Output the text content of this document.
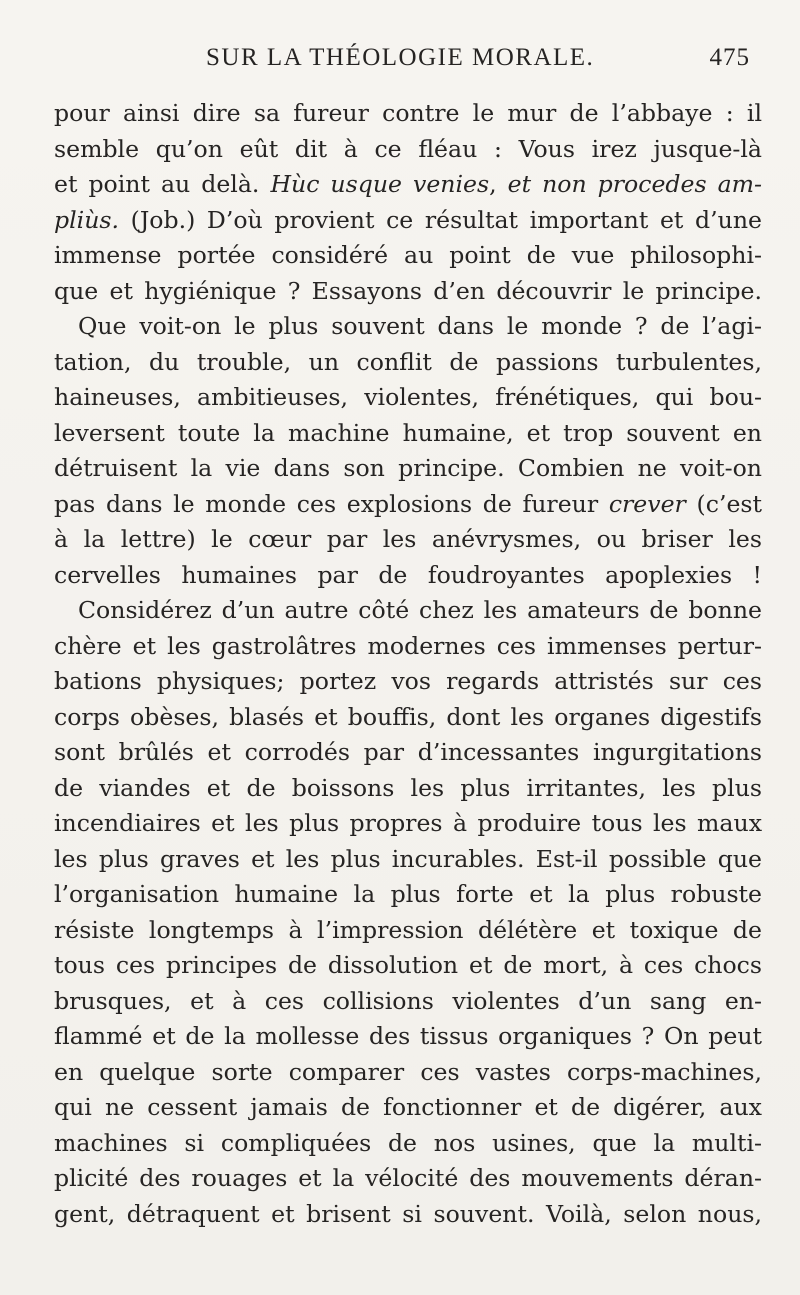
SUR LA THÉOLOGIE MORALE.	475
pour ainsi dire sa fureur contre le mur de l’abbaye : il
semble qu’on eût dit à ce fléau : Vous irez jusque-là
et point au delà. Hùc usque venies, et non procedes am-
pliùs. (Job.) D’où provient ce résultat important et d’une
immense portée considéré au point de vue philosophi-
que et hygiénique ? Essayons d’en découvrir le principe.
Que voit-on le plus souvent dans le monde ? de l’agi-
tation, du trouble, un conflit de passions turbulentes,
haineuses, ambitieuses, violentes, frénétiques, qui bou-
leversent toute la machine humaine, et trop souvent en
détruisent la vie dans son principe. Combien ne voit-on
pas dans le monde ces explosions de fureur crever (c’est
à la lettre) le cœur par les anévrysmes, ou briser les
cervelles humaines par de foudroyantes apoplexies !
Considérez d’un autre côté chez les amateurs de bonne
chère et les gastrolâtres modernes ces immenses pertur-
bations physiques; portez vos regards attristés sur ces
corps obèses, blasés et bouffis, dont les organes digestifs
sont brûlés et corrodés par d’incessantes ingurgitations
de viandes et de boissons les plus irritantes, les plus
incendiaires et les plus propres à produire tous les maux
les plus graves et les plus incurables. Est-il possible que
l’organisation humaine la plus forte et la plus robuste
résiste longtemps à l’impression délétère et toxique de
tous ces principes de dissolution et de mort, à ces chocs
brusques, et à ces collisions violentes d’un sang en-
flammé et de la mollesse des tissus organiques ? On peut
en quelque sorte comparer ces vastes corps-machines,
qui ne cessent jamais de fonctionner et de digérer, aux
machines si compliquées de nos usines, que la multi-
plicité des rouages et la vélocité des mouvements déran-
gent, détraquent et brisent si souvent. Voilà, selon nous,
